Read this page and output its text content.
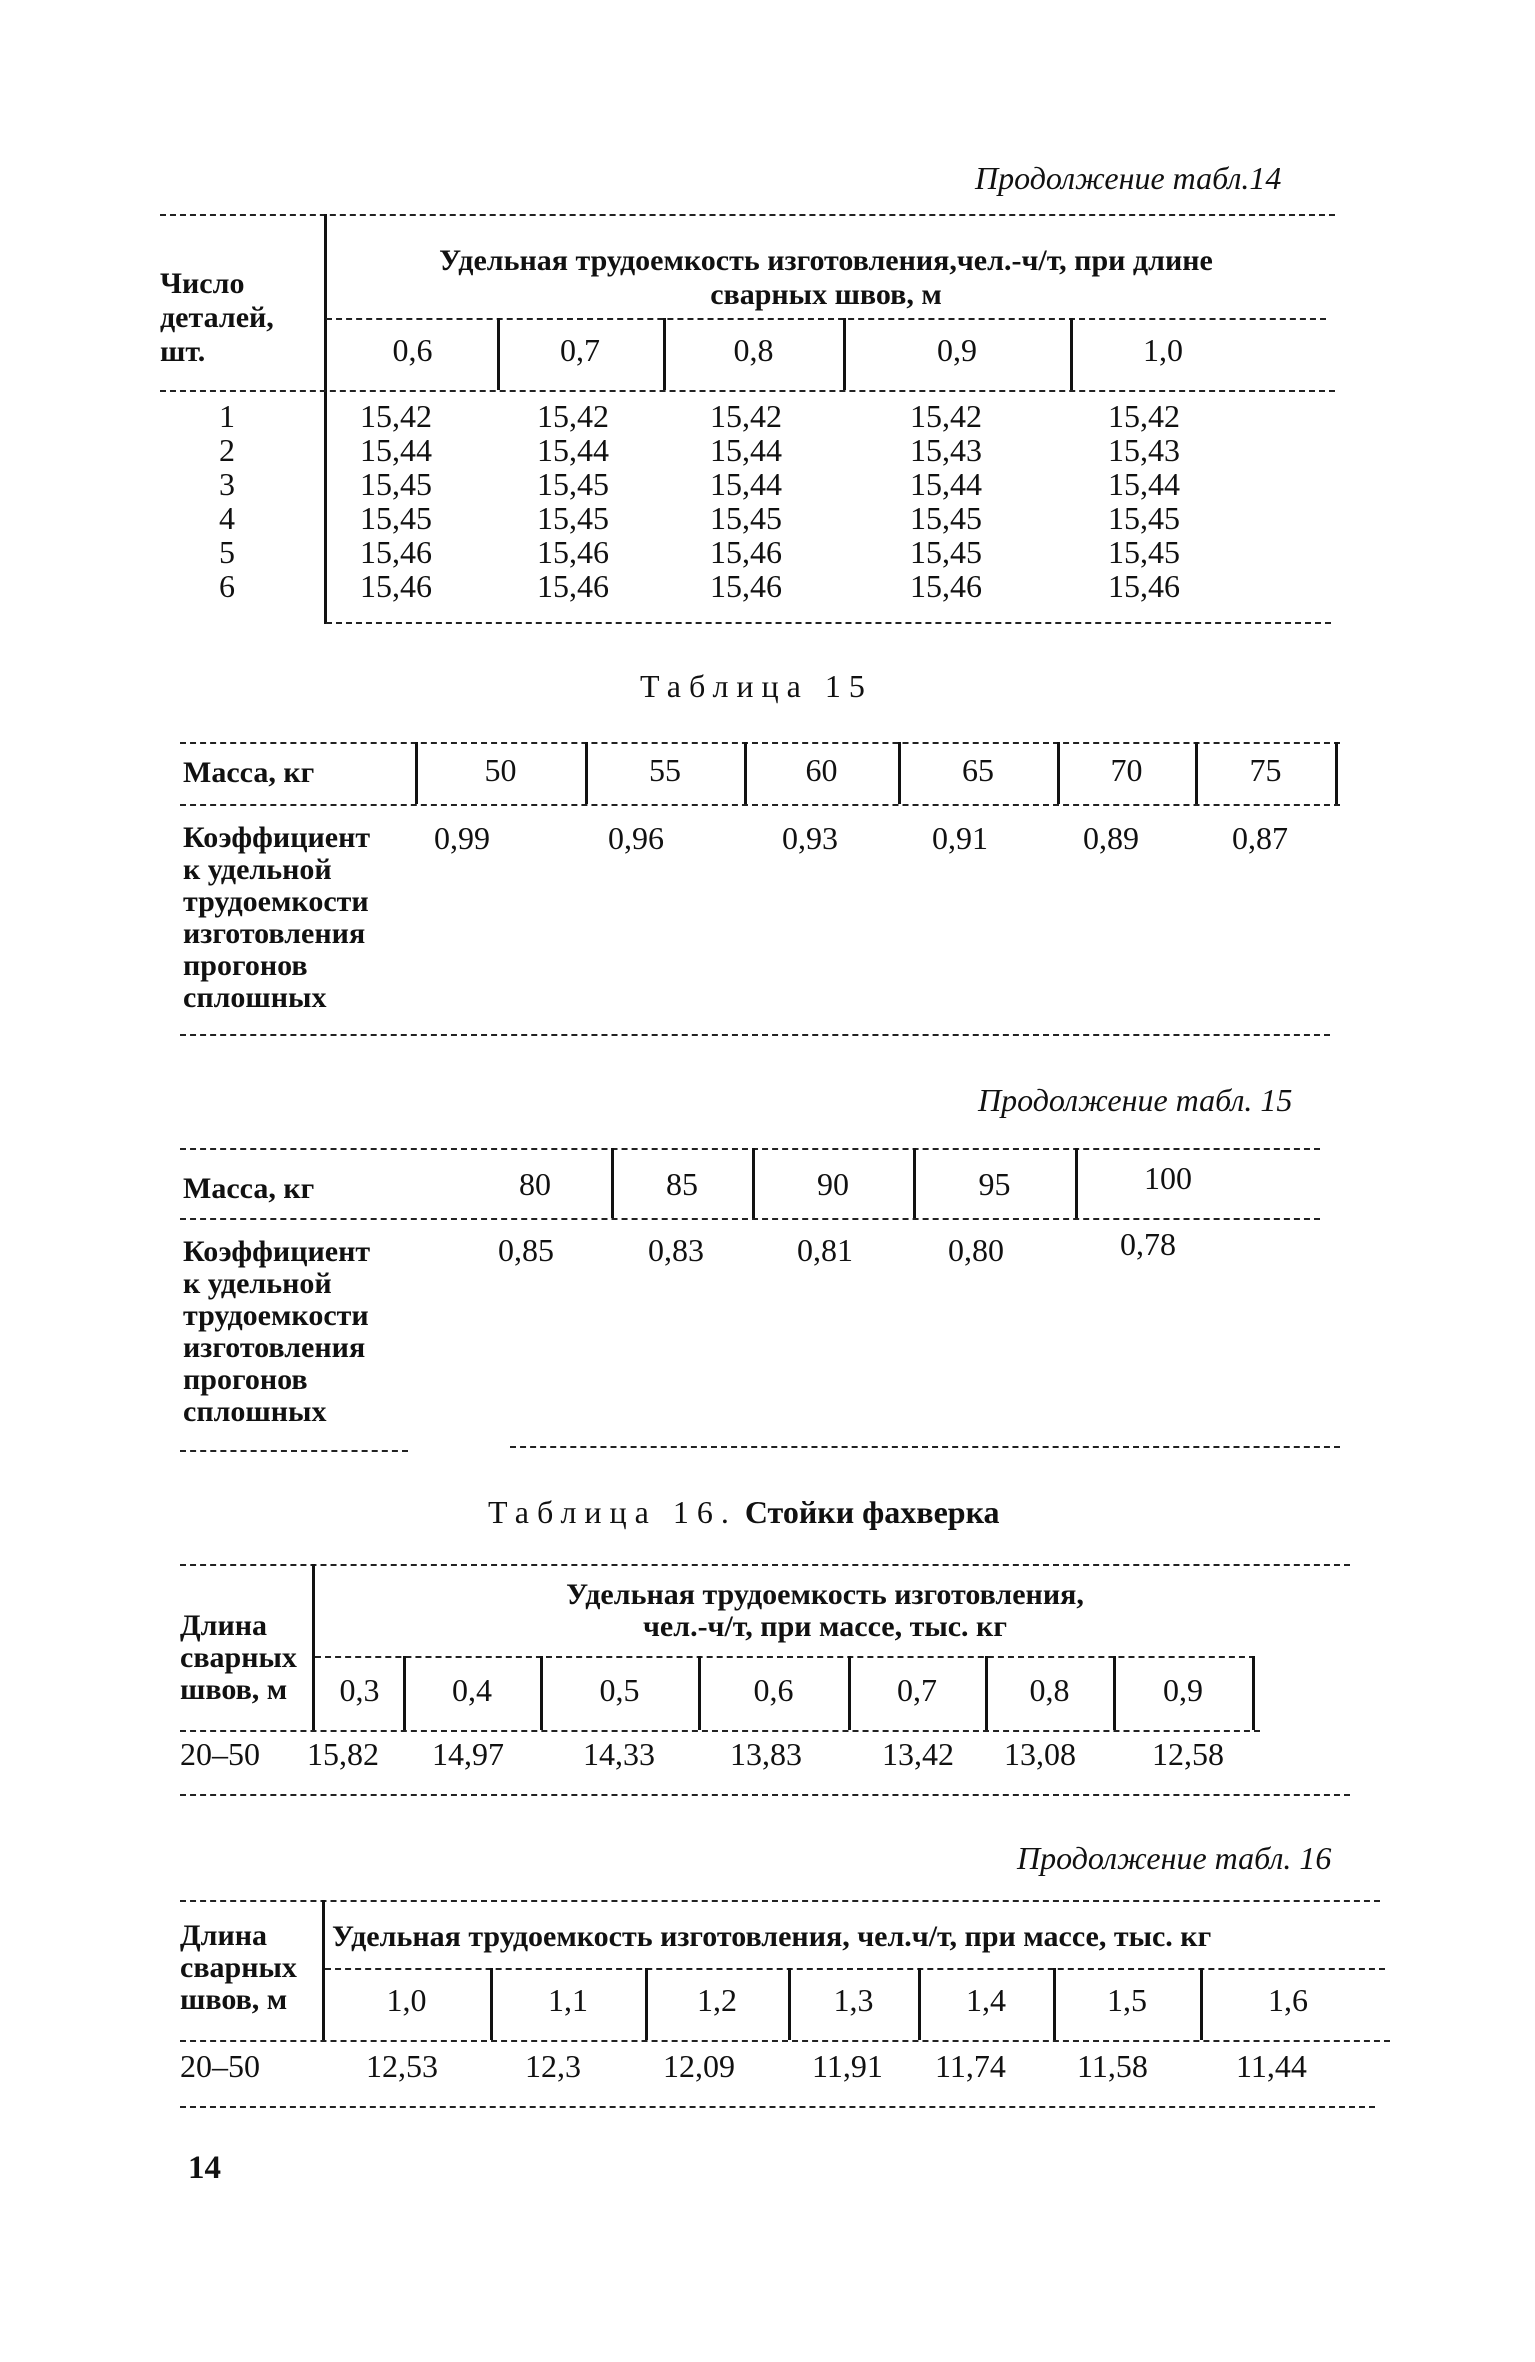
Продолжение табл.14
Число
деталей,
шт.
Удельная трудоемкость изготовления,чел.-ч/т, при длине
сварных швов, м
0,6	0,7	0,8	0,9	1,0
1	15,42	15,42	15,42	15,42	15,42
2	15,44	15,44	15,44	15,43	15,43
3	15,45	15,45	15,44	15,44	15,44
4	15,45	15,45	15,45	15,45	15,45
5	15,46	15,46	15,46	15,45	15,45
6	15,46	15,46	15,46	15,46	15,46
Таблица 15
Масса, кг	50	55	60	65	70	75
Коэффициент
к удельной
трудоемкости
изготовления
прогонов
сплошных
0,99	0,96	0,93	0,91	0,89	0,87
Продолжение табл. 15
Масса, кг	80	85	90	95	100
Коэффициент
к удельной
трудоемкости
изготовления
прогонов
сплошных
0,85	0,83	0,81	0,80	0,78
Таблица 16. Стойки фахверка
Длина
сварных
швов, м
Удельная трудоемкость изготовления,
чел.-ч/т, при массе, тыс. кг
0,3	0,4	0,5	0,6	0,7	0,8	0,9
20–50 15,82 14,97 14,33 13,83	13,42 13,08 12,58
Продолжение табл. 16
Длина
сварных
швов, м
Удельная трудоемкость изготовления, чел.ч/т, при массе, тыс. кг
1,0	1,1	1,2	1,3	1,4	1,5	1,6
20–50	12,53	12,3	12,09 11,91 11,74 11,58	11,44
14
